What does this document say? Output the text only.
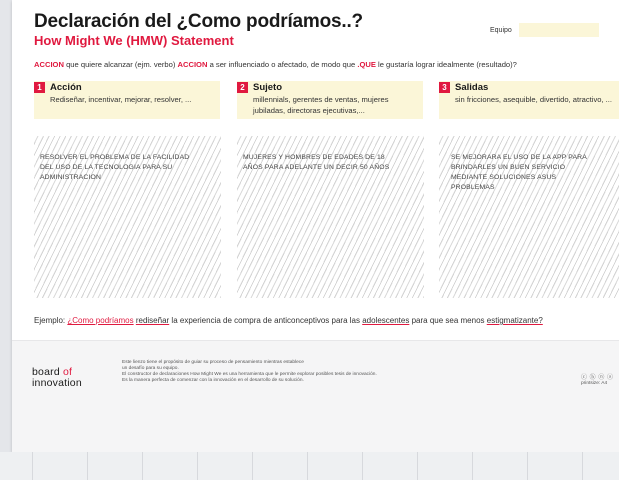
Declaración del ¿Como podríamos..?
How Might We (HMW) Statement
Equipo
ACCION que quiere alcanzar (ejm. verbo) ACCION a ser influenciado o afectado, de modo que .QUE le gustaría lograr idealmente (resultado)?
1 Acción
Rediseñar, incentivar, mejorar, resolver, ...
RESOLVER EL PROBLEMA DE LA FACILIDAD DEL USO DE LA TECNOLOGIA PARA SU ADMINISTRACION
2 Sujeto
millennials, gerentes de ventas, mujeres jubiladas, directoras ejecutivas,...
MUJERES Y HOMBRES DE EDADES DE 18 AÑOS PARA ADELANTE UN DECIR 50 AÑOS
3 Salidas
sin fricciones, asequible, divertido, atractivo, ...
SE MEJORARA EL USO DE LA APP PARA BRINDARLES UN BUEN SERVICIO MEDIANTE SOLUCIONES ASUS PROBLEMAS
Ejemplo: ¿Como podríamos rediseñar la experiencia de compra de anticonceptivos para las adolescentes para que sea menos estigmatizante?
board of
innovation
Este lienzo tiene el propósito de guiar su proceso de pensamiento mientras establece
un desafío para su equipo.
El constructor de declaraciones How Might We es una herramienta que le permite explorar posibles tesis de innovación.
Es la manera perfecta de comenzar con la innovación en el desarrollo de su solución.	ⓒ ⓑ ⓝ ⓐ
printsize: A4
